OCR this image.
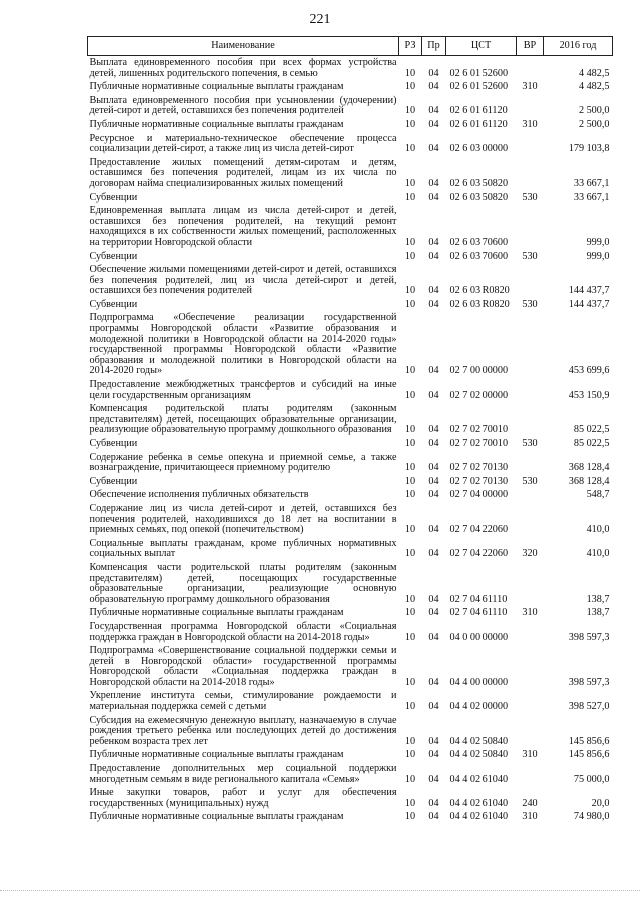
221
Наименование	РЗ	Пр	ЦСТ	ВР	2016 год
Выплата единовременного пособия при всех формах устройства детей, лишенных родительского попечения, в семью	10	04	02 6 01 52600		4 482,5
Публичные нормативные социальные выплаты гражданам	10	04	02 6 01 52600	310	4 482,5
Выплата единовременного пособия при усыновлении (удочерении) детей-сирот и детей, оставшихся без попечения родителей	10	04	02 6 01 61120		2 500,0
Публичные нормативные социальные выплаты гражданам	10	04	02 6 01 61120	310	2 500,0
Ресурсное и материально-техническое обеспечение процесса социализации детей-сирот, а также лиц из числа детей-сирот	10	04	02 6 03 00000		179 103,8
Предоставление жилых помещений детям-сиротам и детям, оставшимся без попечения родителей, лицам из их числа по договорам найма специализированных жилых помещений	10	04	02 6 03 50820		33 667,1
Субвенции	10	04	02 6 03 50820	530	33 667,1
Единовременная выплата лицам из числа детей-сирот и детей, оставшихся без попечения родителей, на текущий ремонт находящихся в их собственности жилых помещений, расположенных на территории Новгородской области	10	04	02 6 03 70600		999,0
Субвенции	10	04	02 6 03 70600	530	999,0
Обеспечение жилыми помещениями детей-сирот и детей, оставшихся без попечения родителей, лиц из числа детей-сирот и детей, оставшихся без попечения родителей	10	04	02 6 03 R0820		144 437,7
Субвенции	10	04	02 6 03 R0820	530	144 437,7
Подпрограмма «Обеспечение реализации государственной программы Новгородской области «Развитие образования и молодежной политики в Новгородской области на 2014-2020 годы» государственной программы Новгородской области «Развитие образования и молодежной политики в Новгородской области на 2014-2020 годы»	10	04	02 7 00 00000		453 699,6
Предоставление межбюджетных трансфертов и субсидий на иные цели государственным организациям	10	04	02 7 02 00000		453 150,9
Компенсация родительской платы родителям (законным представителям) детей, посещающих образовательные организации, реализующие образовательную программу дошкольного образования	10	04	02 7 02 70010		85 022,5
Субвенции	10	04	02 7 02 70010	530	85 022,5
Содержание ребенка в семье опекуна и приемной семье, а также вознаграждение, причитающееся приемному родителю	10	04	02 7 02 70130		368 128,4
Субвенции	10	04	02 7 02 70130	530	368 128,4
Обеспечение исполнения публичных обязательств	10	04	02 7 04 00000		548,7
Содержание лиц из числа детей-сирот и детей, оставшихся без попечения родителей, находившихся до 18 лет на воспитании в приемных семьях, под опекой (попечительством)	10	04	02 7 04 22060		410,0
Социальные выплаты гражданам, кроме публичных нормативных социальных выплат	10	04	02 7 04 22060	320	410,0
Компенсация части родительской платы родителям (законным представителям) детей, посещающих государственные образовательные организации, реализующие основную образовательную программу дошкольного образования	10	04	02 7 04 61110		138,7
Публичные нормативные социальные выплаты гражданам	10	04	02 7 04 61110	310	138,7
Государственная программа Новгородской области «Социальная поддержка граждан в Новгородской области на 2014-2018 годы»	10	04	04 0 00 00000		398 597,3
Подпрограмма «Совершенствование социальной поддержки семьи и детей в Новгородской области» государственной программы Новгородской области «Социальная поддержка граждан в Новгородской области на 2014-2018 годы»	10	04	04 4 00 00000		398 597,3
Укрепление института семьи, стимулирование рождаемости и материальная поддержка семей с детьми	10	04	04 4 02 00000		398 527,0
Субсидия на ежемесячную денежную выплату, назначаемую в случае рождения третьего ребенка или последующих детей до достижения ребенком возраста трех лет	10	04	04 4 02 50840		145 856,6
Публичные нормативные социальные выплаты гражданам	10	04	04 4 02 50840	310	145 856,6
Предоставление дополнительных мер социальной поддержки многодетным семьям в виде регионального капитала «Семья»	10	04	04 4 02 61040		75 000,0
Иные закупки товаров, работ и услуг для обеспечения государственных (муниципальных) нужд	10	04	04 4 02 61040	240	20,0
Публичные нормативные социальные выплаты гражданам	10	04	04 4 02 61040	310	74 980,0
